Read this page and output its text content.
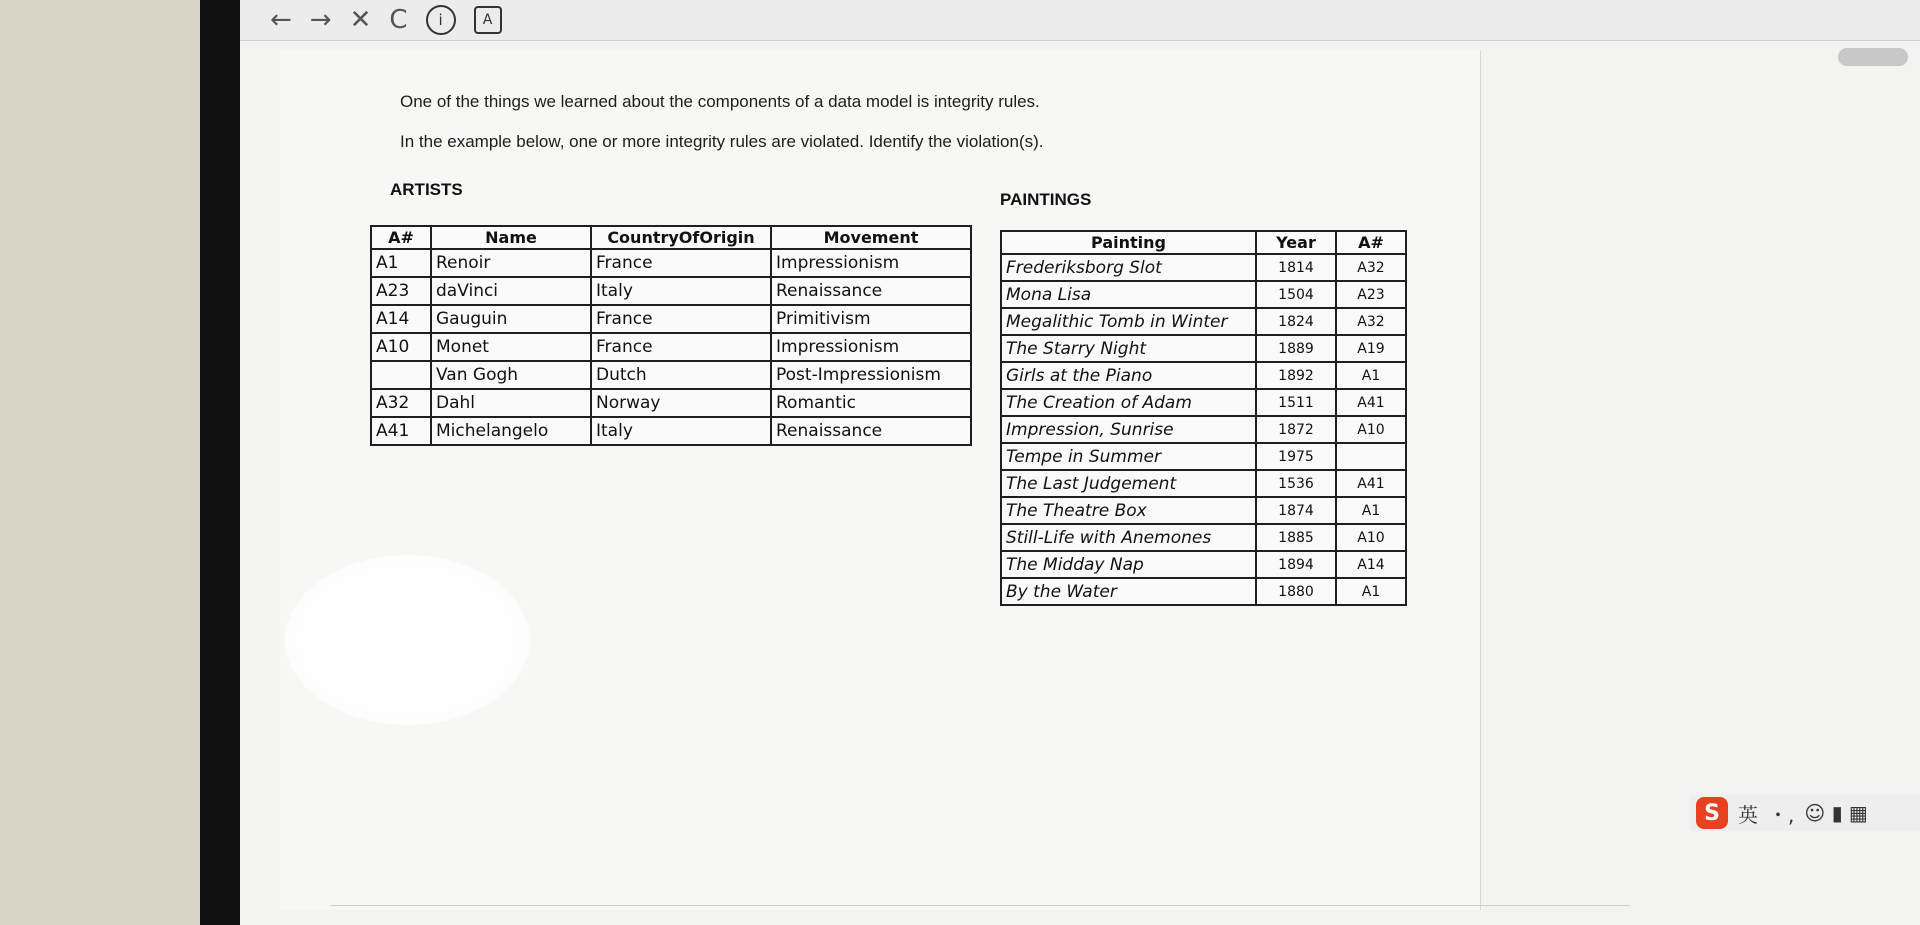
← → ✕ C	i	A
One of the things we learned about the components of a data model is integrity rules.
In the example below, one or more integrity rules are violated. Identify the violation(s).
ARTISTS
PAINTINGS
A#	Name	CountryOfOrigin	Movement
A1	Renoir	France	Impressionism
A23	daVinci	Italy	Renaissance
A14	Gauguin	France	Primitivism
A10	Monet	France	Impressionism
	Van Gogh	Dutch	Post-Impressionism
A32	Dahl	Norway	Romantic
A41	Michelangelo	Italy	Renaissance
Painting	Year	A#
Frederiksborg Slot	1814	A32
Mona Lisa	1504	A23
Megalithic Tomb in Winter	1824	A32
The Starry Night	1889	A19
Girls at the Piano	1892	A1
The Creation of Adam	1511	A41
Impression, Sunrise	1872	A10
Tempe in Summer	1975	
The Last Judgement	1536	A41
The Theatre Box	1874	A1
Still-Life with Anemones	1885	A10
The Midday Nap	1894	A14
By the Water	1880	A1
S 英 ・, ☺ ▮ ▦
